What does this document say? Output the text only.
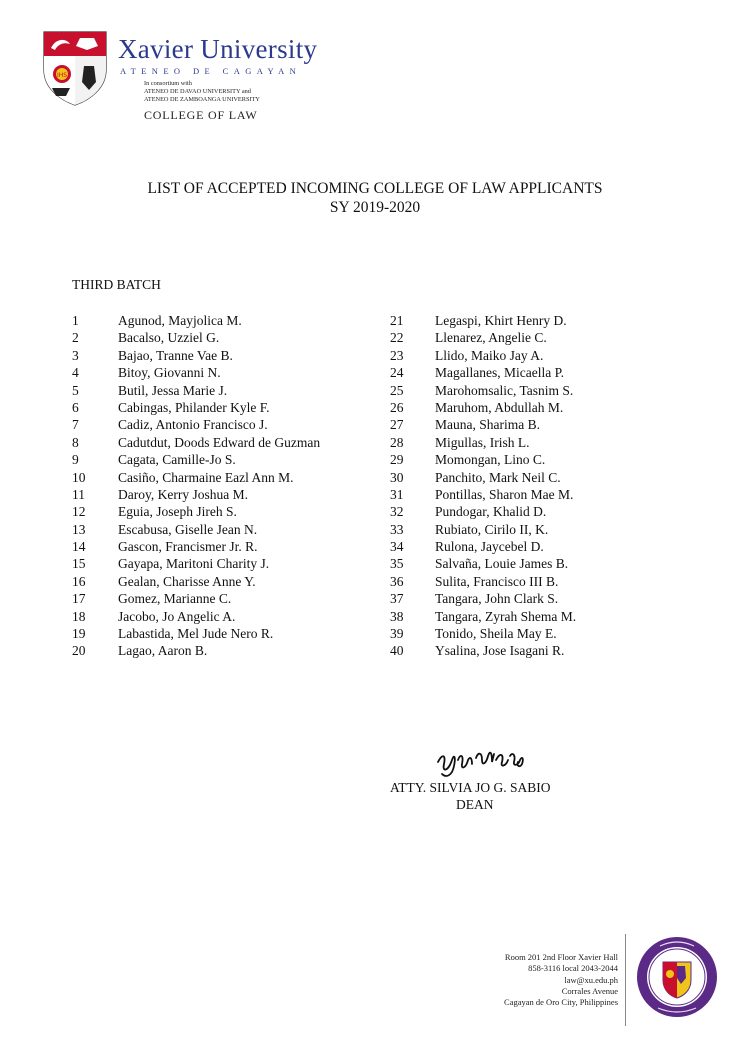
IHS
Xavier University
ATENEO DE CAGAYAN
In consortium with
ATENEO DE DAVAO UNIVERSITY and
ATENEO DE ZAMBOANGA UNIVERSITY
COLLEGE OF LAW
LIST OF ACCEPTED INCOMING COLLEGE OF LAW APPLICANTS
SY 2019-2020
THIRD BATCH
1	Agunod, Mayjolica M.
2	Bacalso, Uzziel G.
3	Bajao, Tranne Vae B.
4	Bitoy, Giovanni N.
5	Butil, Jessa Marie J.
6	Cabingas, Philander Kyle F.
7	Cadiz, Antonio Francisco J.
8	Cadutdut, Doods Edward de Guzman
9	Cagata, Camille-Jo S.
10 Casiño, Charmaine Eazl Ann M.
11 Daroy, Kerry Joshua M.
12 Eguia, Joseph Jireh S.
13 Escabusa, Giselle Jean N.
14 Gascon, Francismer Jr. R.
15 Gayapa, Maritoni Charity J.
16 Gealan, Charisse Anne Y.
17 Gomez, Marianne C.
18 Jacobo, Jo Angelic A.
19 Labastida, Mel Jude Nero R.
20 Lagao, Aaron B.
21 Legaspi, Khirt Henry D.
22 Llenarez, Angelie C.
23 Llido, Maiko Jay A.
24 Magallanes, Micaella P.
25 Marohomsalic, Tasnim S.
26 Maruhom, Abdullah M.
27 Mauna, Sharima B.
28 Migullas, Irish L.
29 Momongan, Lino C.
30 Panchito, Mark Neil C.
31 Pontillas, Sharon Mae M.
32 Pundogar, Khalid D.
33 Rubiato, Cirilo II, K.
34 Rulona, Jaycebel D.
35 Salvaña, Louie James B.
36 Sulita, Francisco III B.
37 Tangara, John Clark S.
38 Tangara, Zyrah Shema M.
39 Tonido, Sheila May E.
40 Ysalina, Jose Isagani R.
ATTY. SILVIA JO G. SABIO
DEAN
Room 201 2nd Floor Xavier Hall
858-3116 local 2043-2044
law@xu.edu.ph
Corrales Avenue
Cagayan de Oro City, Philippines
